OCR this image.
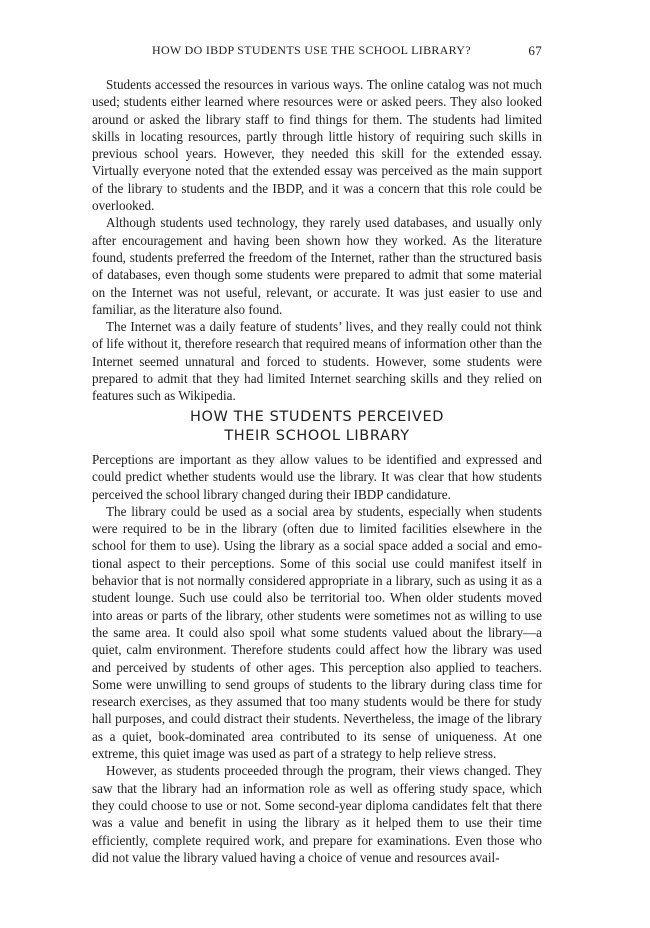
HOW DO IBDP STUDENTS USE THE SCHOOL LIBRARY?	67

Students accessed the resources in various ways. The online catalog was not much used; students either learned where resources were or asked peers. They also looked around or asked the library staff to find things for them. The students had limited skills in locating resources, partly through little history of requiring such skills in previous school years. However, they needed this skill for the extended essay. Virtually everyone noted that the extended essay was perceived as the main support of the library to students and the IBDP, and it was a concern that this role could be overlooked.

Although students used technology, they rarely used databases, and usually only after encouragement and having been shown how they worked. As the literature found, students preferred the freedom of the Internet, rather than the structured basis of databases, even though some students were prepared to admit that some material on the Internet was not useful, relevant, or accurate. It was just easier to use and familiar, as the literature also found.

The Internet was a daily feature of students’ lives, and they really could not think of life without it, therefore research that required means of information other than the Internet seemed unnatural and forced to students. However, some students were prepared to admit that they had limited Internet searching skills and they relied on features such as Wikipedia.

HOW THE STUDENTS PERCEIVED
THEIR SCHOOL LIBRARY

Perceptions are important as they allow values to be identified and expressed and could predict whether students would use the library. It was clear that how students perceived the school library changed during their IBDP candidature.

The library could be used as a social area by students, especially when students were required to be in the library (often due to limited facilities elsewhere in the school for them to use). Using the library as a social space added a social and emotional aspect to their perceptions. Some of this social use could manifest itself in behavior that is not normally considered appropriate in a library, such as using it as a student lounge. Such use could also be territorial too. When older students moved into areas or parts of the library, other students were sometimes not as willing to use the same area. It could also spoil what some students valued about the library—a quiet, calm environment. Therefore students could affect how the library was used and perceived by students of other ages. This perception also applied to teachers. Some were unwilling to send groups of students to the library during class time for research exercises, as they assumed that too many students would be there for study hall purposes, and could distract their students. Nevertheless, the image of the library as a quiet, book-dominated area contributed to its sense of uniqueness. At one extreme, this quiet image was used as part of a strategy to help relieve stress.

However, as students proceeded through the program, their views changed. They saw that the library had an information role as well as offering study space, which they could choose to use or not. Some second-year diploma candidates felt that there was a value and benefit in using the library as it helped them to use their time efficiently, complete required work, and prepare for examinations. Even those who did not value the library valued having a choice of venue and resources avail-
